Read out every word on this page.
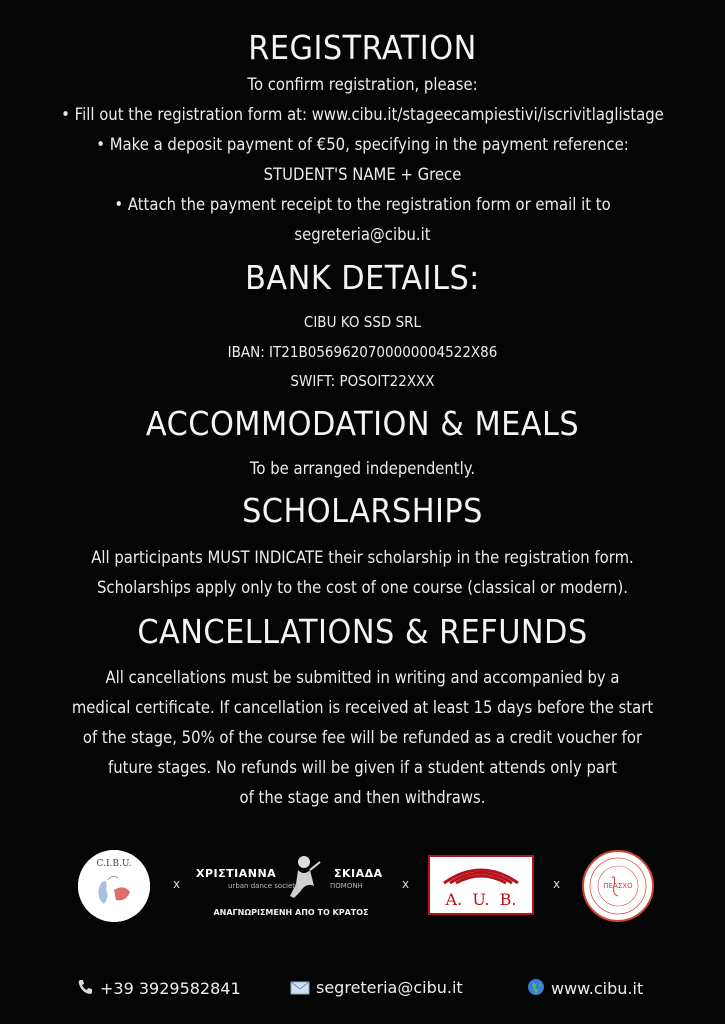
REGISTRATION
To confirm registration, please:
• Fill out the registration form at: www.cibu.it/stageecampiestivi/iscrivitlaglistage
• Make a deposit payment of €50, specifying in the payment reference:
STUDENT'S NAME + Grece
• Attach the payment receipt to the registration form or email it to
segreteria@cibu.it
BANK DETAILS:
CIBU KO SSD SRL
IBAN: IT21B0569620700000004522X86
SWIFT: POSOIT22XXX
ACCOMMODATION & MEALS
To be arranged independently.
SCHOLARSHIPS
All participants MUST INDICATE their scholarship in the registration form.
Scholarships apply only to the cost of one course (classical or modern).
CANCELLATIONS & REFUNDS
All cancellations must be submitted in writing and accompanied by a
medical certificate. If cancellation is received at least 15 days before the start
of the stage, 50% of the course fee will be refunded as a credit voucher for
future stages. No refunds will be given if a student attends only part
of the stage and then withdraws.
C.I.B.U.
x
ΧΡΙΣΤΙΑΝΝΑ	ΣΚΙΑΔΑ
urban dance society	ΠΟΜΟΝΗ
ΑΝΑΓΝΩΡΙΣΜΕΝΗ ΑΠΟ ΤΟ ΚΡΑΤΟΣ
x
A.  U.  B.
x	ΠΕΑΣΧΟ
+39 3929582841	segreteria@cibu.it	www.cibu.it
